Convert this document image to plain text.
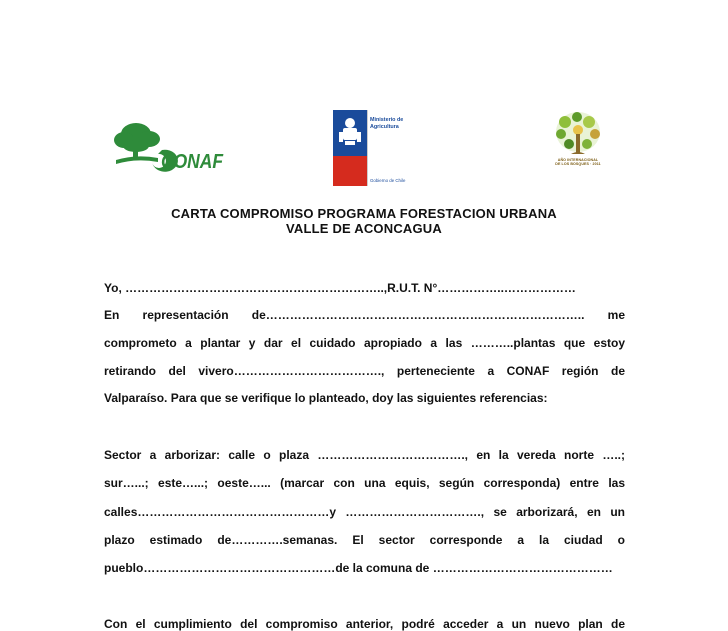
CONAF
Ministerio de
Agricultura
Gobierno de Chile
AÑO INTERNACIONAL
DE LOS BOSQUES · 2011
CARTA COMPROMISO PROGRAMA FORESTACION URBANA
VALLE DE ACONCAGUA
Yo, ………………………………………………………..,R.U.T. N°……………..………………
En representación de…………………………………………………………………….. me
comprometo a plantar y dar el cuidado apropiado a las ………..plantas que estoy
retirando del vivero………………………………., perteneciente a CONAF región de
Valparaíso. Para que se verifique lo planteado, doy las siguientes referencias:
Sector a arborizar: calle o plaza ………………………………., en la vereda norte …..;
sur…...; este…...; oeste…... (marcar con una equis, según corresponda) entre las
calles…………………………………………y ……………………………., se arborizará, en un
plazo estimado de………….semanas. El sector corresponde a la ciudad o
pueblo…………………………………………de la comuna de ………………………………………
Con el cumplimiento del compromiso anterior, podré acceder a un nuevo plan de
